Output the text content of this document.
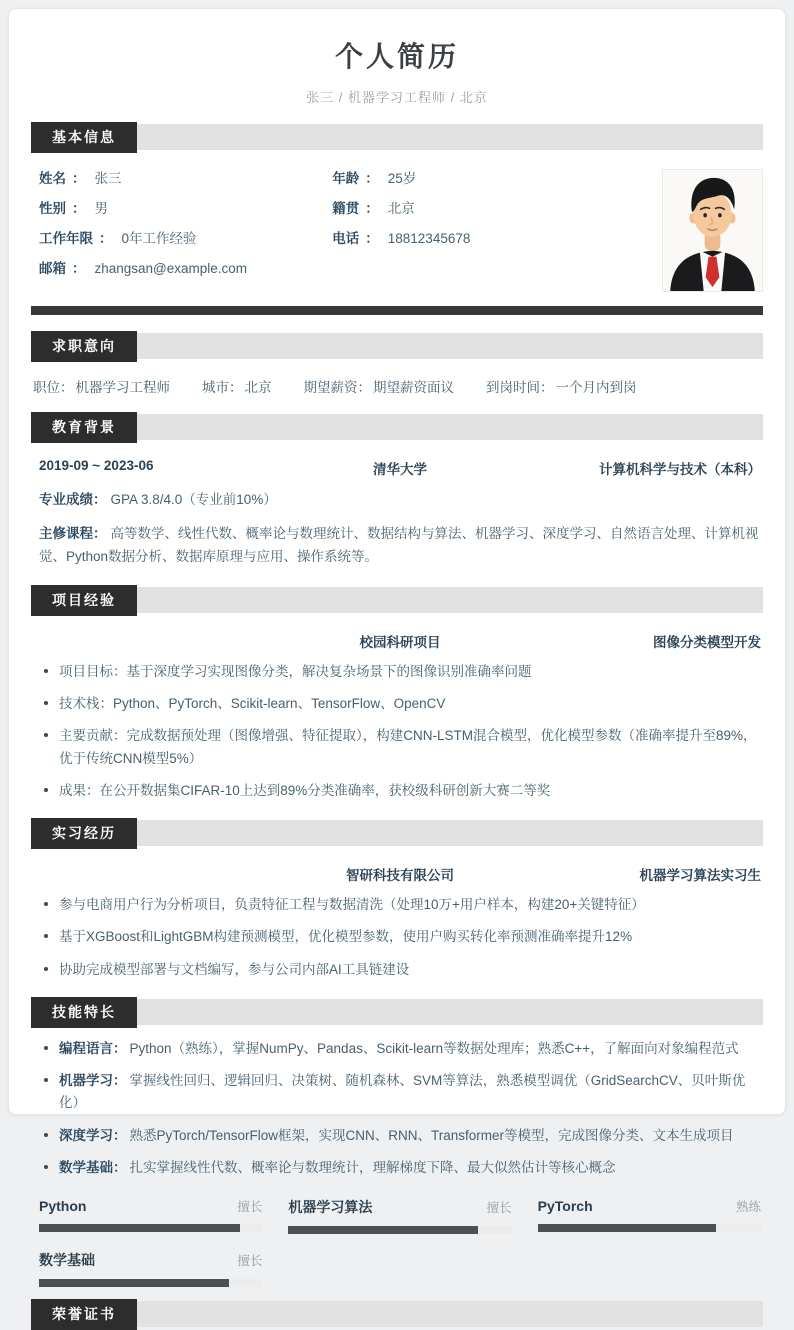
个人简历
张三 / 机器学习工程师 / 北京
基本信息
姓名 ： 张三	年龄 ： 25岁
性别 ： 男	籍贯 ： 北京
工作年限 ： 0年工作经验	电话 ： 18812345678
邮箱 ： zhangsan@example.com
求职意向
职位： 机器学习工程师 城市： 北京 期望薪资： 期望薪资面议 到岗时间： 一个月内到岗
教育背景
2019-09 ~ 2023-06	清华大学	计算机科学与技术（本科）
专业成绩： GPA 3.8/4.0（专业前10%）
主修课程： 高等数学、线性代数、概率论与数理统计、数据结构与算法、机器学习、深度学习、自然语言处理、计算机视觉、Python数据分析、数据库原理与应用、操作系统等。
项目经验
校园科研项目	图像分类模型开发
项目目标：基于深度学习实现图像分类，解决复杂场景下的图像识别准确率问题
技术栈：Python、PyTorch、Scikit-learn、TensorFlow、OpenCV
主要贡献：完成数据预处理（图像增强、特征提取），构建CNN-LSTM混合模型，优化模型参数（准确率提升至89%，优于传统CNN模型5%）
成果：在公开数据集CIFAR-10上达到89%分类准确率，获校级科研创新大赛二等奖
实习经历
智研科技有限公司	机器学习算法实习生
参与电商用户行为分析项目，负责特征工程与数据清洗（处理10万+用户样本，构建20+关键特征）
基于XGBoost和LightGBM构建预测模型，优化模型参数，使用户购买转化率预测准确率提升12%
协助完成模型部署与文档编写，参与公司内部AI工具链建设
技能特长
编程语言： Python（熟练），掌握NumPy、Pandas、Scikit-learn等数据处理库；熟悉C++，了解面向对象编程范式
机器学习： 掌握线性回归、逻辑回归、决策树、随机森林、SVM等算法，熟悉模型调优（GridSearchCV、贝叶斯优化）
深度学习： 熟悉PyTorch/TensorFlow框架，实现CNN、RNN、Transformer等模型，完成图像分类、文本生成项目
数学基础： 扎实掌握线性代数、概率论与数理统计，理解梯度下降、最大似然估计等核心概念
Python	擅长 机器学习算法	擅长 PyTorch	熟练
数学基础	擅长
荣誉证书
